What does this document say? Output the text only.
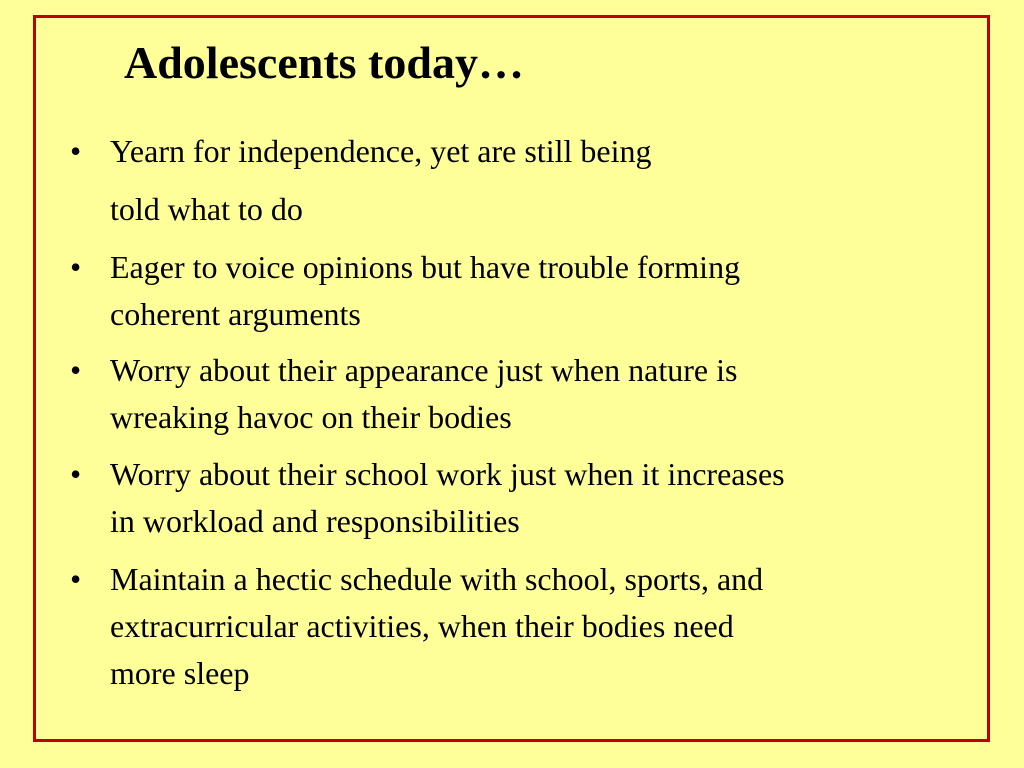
Adolescents today…
• Yearn for independence, yet are still being
told what to do
• Eager to voice opinions but have trouble forming
coherent arguments
• Worry about their appearance just when nature is
wreaking havoc on their bodies
• Worry about their school work just when it increases
in workload and responsibilities
• Maintain a hectic schedule with school, sports, and
extracurricular activities, when their bodies need
more sleep
